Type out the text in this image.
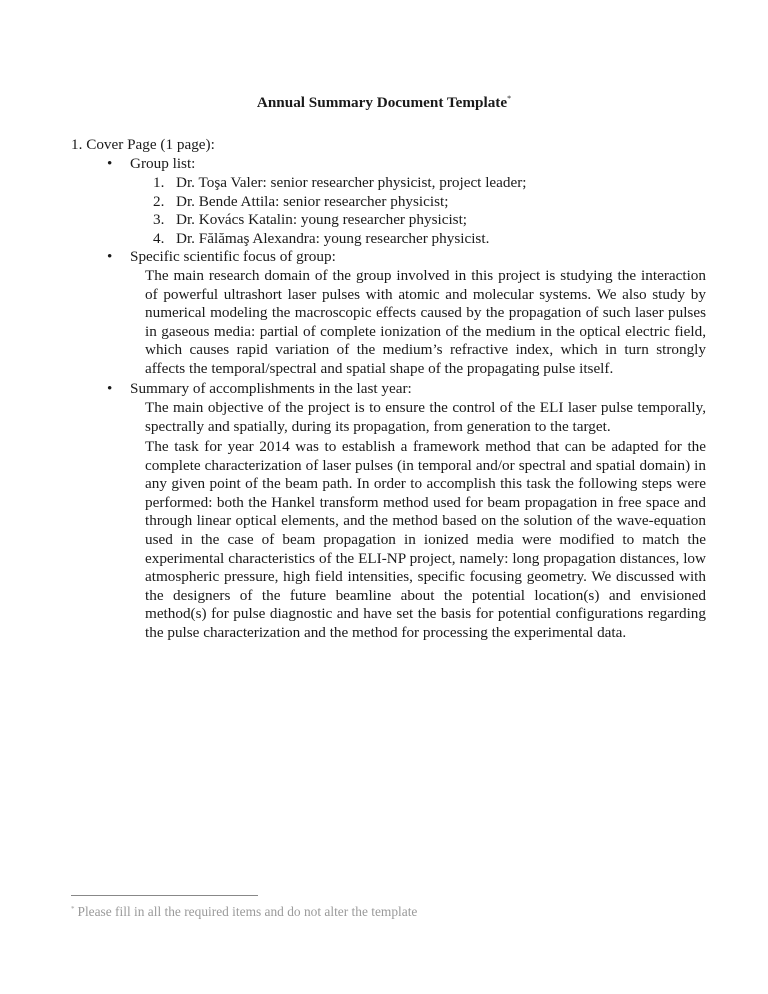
Annual Summary Document Template*
1. Cover Page (1 page):
•	Group list:
1. Dr. Toşa Valer: senior researcher physicist, project leader;
2. Dr. Bende Attila: senior researcher physicist;
3. Dr. Kovács Katalin: young researcher physicist;
4. Dr. Fălămaş Alexandra: young researcher physicist.
•	Specific scientific focus of group:

The main research domain of the group involved in this project is studying the interaction of powerful ultrashort laser pulses with atomic and molecular systems. We also study by numerical modeling the macroscopic effects caused by the propagation of such laser pulses in gaseous media: partial of complete ionization of the medium in the optical electric field, which causes rapid variation of the medium’s refractive index, which in turn strongly affects the temporal/spectral and spatial shape of the propagating pulse itself.

•	Summary of accomplishments in the last year:

The main objective of the project is to ensure the control of the ELI laser pulse temporally, spectrally and spatially, during its propagation, from generation to the target.

The task for year 2014 was to establish a framework method that can be adapted for the complete characterization of laser pulses (in temporal and/or spectral and spatial domain) in any given point of the beam path. In order to accomplish this task the following steps were performed: both the Hankel transform method used for beam propagation in free space and through linear optical elements, and the method based on the solution of the wave-equation used in the case of beam propagation in ionized media were modified to match the experimental characteristics of the ELI-NP project, namely: long propagation distances, low atmospheric pressure, high field intensities, specific focusing geometry. We discussed with the designers of the future beamline about the potential location(s) and envisioned method(s) for pulse diagnostic and have set the basis for potential configurations regarding the pulse characterization and the method for processing the experimental data.

* Please fill in all the required items and do not alter the template
